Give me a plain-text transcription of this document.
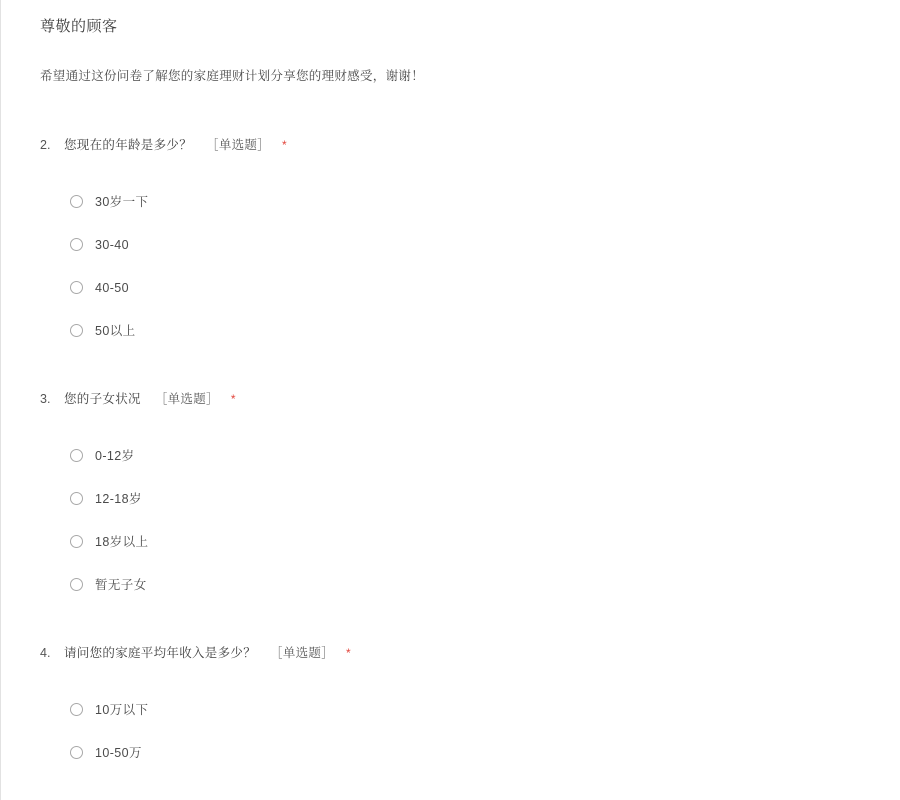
尊敬的顾客
希望通过这份问卷了解您的家庭理财计划分享您的理财感受，谢谢！
2.	您现在的年龄是多少？ ［单选题］ *
30岁一下
30-40
40-50
50以上
3.	您的子女状况 ［单选题］ *
0-12岁
12-18岁
18岁以上
暂无子女
4.	请问您的家庭平均年收入是多少？ ［单选题］ *
10万以下
10-50万
